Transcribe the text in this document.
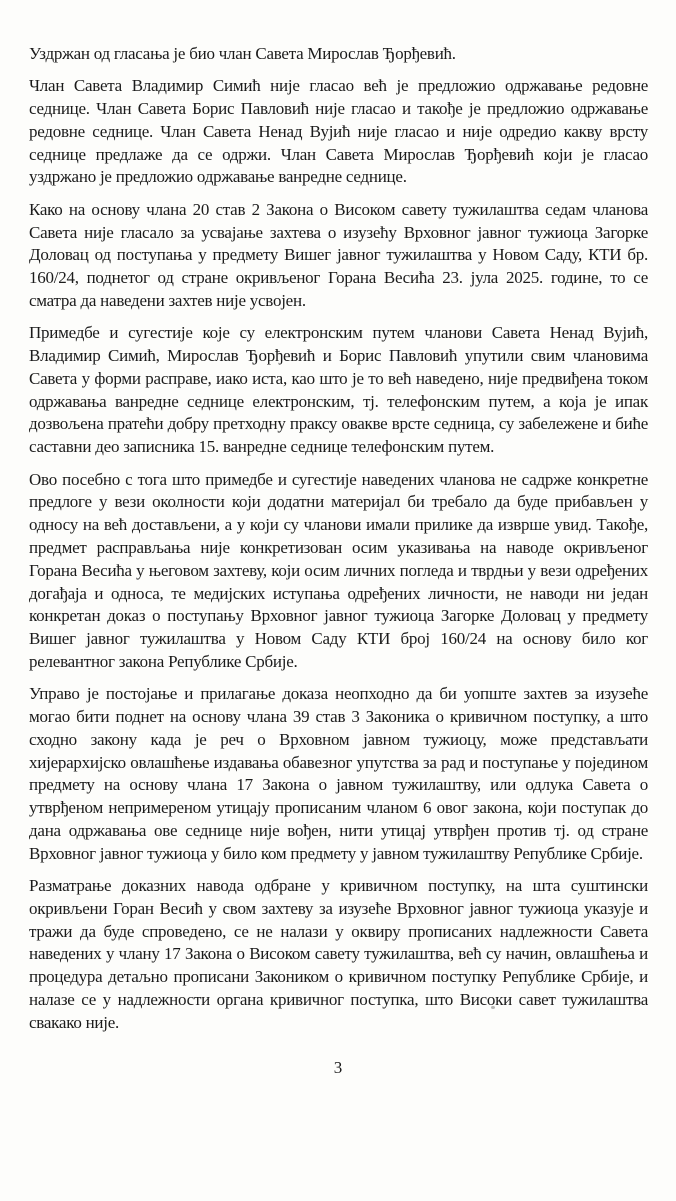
Уздржан од гласања је био члан Савета Мирослав Ђорђевић.

Члан Савета Владимир Симић није гласао већ је предложио одржавање редовне седнице. Члан Савета Борис Павловић није гласао и такође је предложио одржавање редовне седнице. Члан Савета Ненад Вујић није гласао и није одредио какву врсту седнице предлаже да се одржи. Члан Савета Мирослав Ђорђевић који је гласао уздржано је предложио одржавање ванредне седнице.

Како на основу члана 20 став 2 Закона о Високом савету тужилаштва седам чланова Савета није гласало за усвајање захтева о изузећу Врховног јавног тужиоца Загорке Доловац од поступања у предмету Вишег јавног тужилаштва у Новом Саду, КТИ бр. 160/24, поднетог од стране окривљеног Горана Весића 23. јула 2025. године, то се сматра да наведени захтев није усвојен.

Примедбе и сугестије које су електронским путем чланови Савета Ненад Вујић, Владимир Симић, Мирослав Ђорђевић и Борис Павловић упутили свим члановима Савета у форми расправе, иако иста, као што је то већ наведено, није предвиђена током одржавања ванредне седнице електронским, тј. телефонским путем, а која је ипак дозвољена пратећи добру претходну праксу овакве врсте седница, су забележене и биће саставни део записника 15. ванредне седнице телефонским путем.

Ово посебно с тога што примедбе и сугестије наведених чланова не садрже конкретне предлоге у вези околности који додатни материјал би требало да буде прибављен у односу на већ достављени, а у који су чланови имали прилике да изврше увид. Такође, предмет расправљања није конкретизован осим указивања на наводе окривљеног Горана Весића у његовом захтеву, који осим личних погледа и тврдњи у вези одређених догађаја и односа, те медијских иступања одређених личности, не наводи ни један конкретан доказ о поступању Врховног јавног тужиоца Загорке Доловац у предмету Вишег јавног тужилаштва у Новом Саду КТИ број 160/24 на основу било ког релевантног закона Републике Србије.

Управо је постојање и прилагање доказа неопходно да би уопште захтев за изузеће могао бити поднет на основу члана 39 став 3 Законика о кривичном поступку, а што сходно закону када је реч о Врховном јавном тужиоцу, може представљати хијерархијско овлашћење издавања обавезног упутства за рад и поступање у поједином предмету на основу члана 17 Закона о јавном тужилаштву, или одлука Савета о утврђеном непримереном утицају прописаним чланом 6 овог закона, који поступак до дана одржавања ове седнице није вођен, нити утицај утврђен против тј. од стране Врховног јавног тужиоца у било ком предмету у јавном тужилаштву Републике Србије.

Разматрање доказних навода одбране у кривичном поступку, на шта суштински окривљени Горан Весић у свом захтеву за изузеће Врховног јавног тужиоца указује и тражи да буде спроведено, се не налази у оквиру прописаних надлежности Савета наведених у члану 17 Закона о Високом савету тужилаштва, већ су начин, овлашћења и процедура детаљно прописани Закоником о кривичном поступку Републике Србије, и налазе се у надлежности органа кривичног поступка, што Високи савет тужилаштва свакако није.

3
